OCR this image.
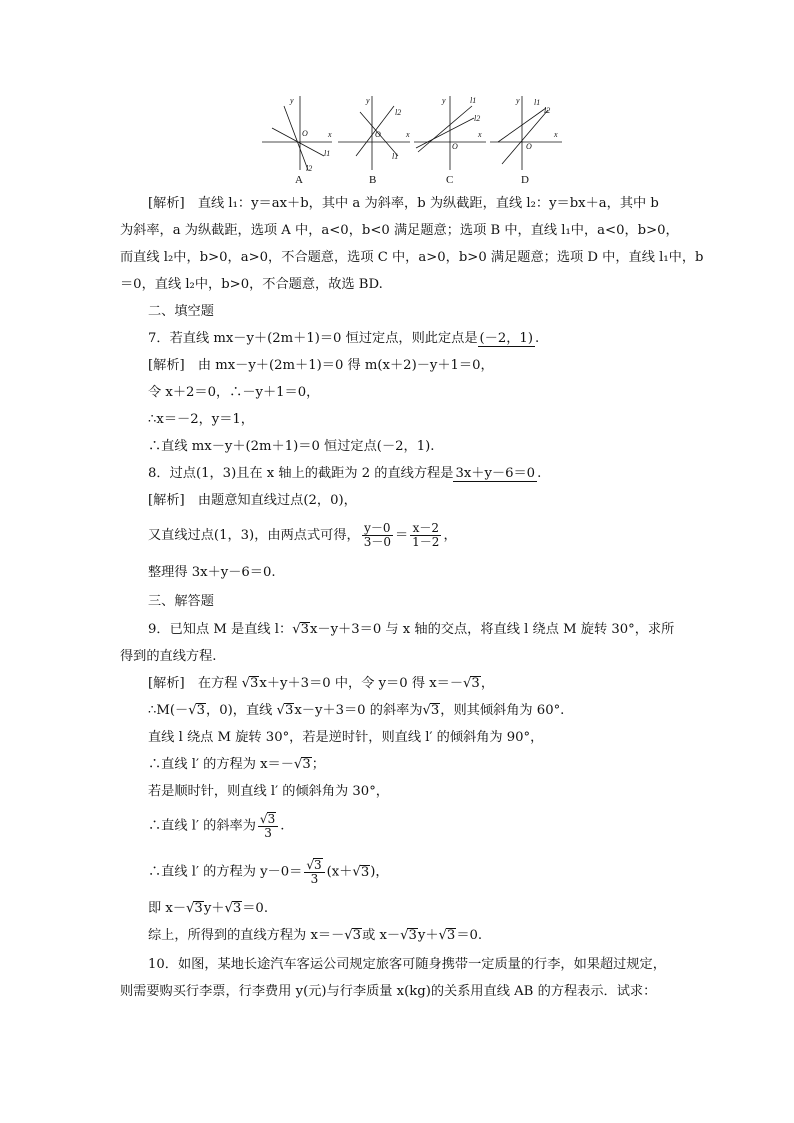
y
x
O
l1
l2
y
x
O
l1
l2
y
x
O
l1
l2
y
x
O
l1
l2
A	B	C	D
[解析]　直线 l₁：y＝ax＋b，其中 a 为斜率，b 为纵截距，直线 l₂：y＝bx＋a，其中 b
为斜率，a 为纵截距，选项 A 中，a<0，b<0 满足题意；选项 B 中，直线 l₁中，a<0，b>0，
而直线 l₂中，b>0，a>0，不合题意，选项 C 中，a>0，b>0 满足题意；选项 D 中，直线 l₁中，b
＝0，直线 l₂中，b>0，不合题意，故选 BD.
二、填空题
7．若直线 mx－y＋(2m＋1)＝0 恒过定点，则此定点是 (－2，1) .
[解析]　由 mx－y＋(2m＋1)＝0 得 m(x＋2)－y＋1＝0，
令 x＋2＝0，∴－y＋1＝0，
∴x＝－2，y＝1，
∴直线 mx－y＋(2m＋1)＝0 恒过定点(－2，1).
8．过点(1，3)且在 x 轴上的截距为 2 的直线方程是 3x＋y－6＝0 .
[解析]　由题意知直线过点(2，0)，
又直线过点(1，3)，由两点式可得， $\frac{y-0}{3-0} = \frac{x-2}{1-2}$ ，
整理得 3x＋y－6＝0.
三、解答题
9．已知点 M 是直线 l：√3x－y＋3＝0 与 x 轴的交点，将直线 l 绕点 M 旋转 30°，求所
得到的直线方程.
[解析]　在方程 √3x＋y＋3＝0 中，令 y＝0 得 x＝－√3，
∴M(－√3，0)，直线 √3x－y＋3＝0 的斜率为√3，则其倾斜角为 60°.
直线 l 绕点 M 旋转 30°，若是逆时针，则直线 l′ 的倾斜角为 90°，
∴直线 l′ 的方程为 x＝－√3；
若是顺时针，则直线 l′ 的倾斜角为 30°，
∴直线 l′ 的斜率为 $\frac{√3}{3}$ .
∴直线 l′ 的方程为 $y-0= \frac{√3}{3} (x+√3)$，
即 x－√3y＋√3＝0.
综上，所得到的直线方程为 x＝－√3或 x－√3y＋√3＝0.
10．如图，某地长途汽车客运公司规定旅客可随身携带一定质量的行李，如果超过规定，
则需要购买行李票，行李费用 y(元)与行李质量 x(kg)的关系用直线 AB 的方程表示．试求：
